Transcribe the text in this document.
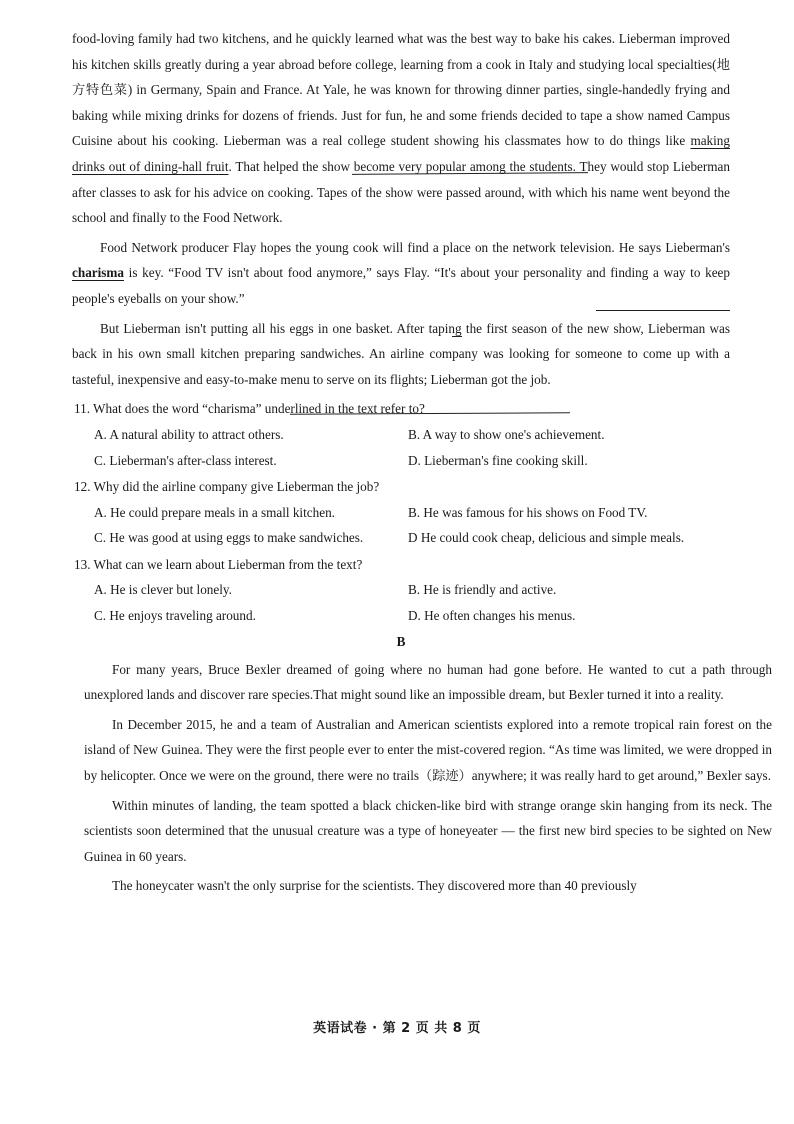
food-loving family had two kitchens, and he quickly learned what was the best way to bake his cakes. Lieberman improved his kitchen skills greatly during a year abroad before college, learning from a cook in Italy and studying local specialties(地方特色菜) in Germany, Spain and France. At Yale, he was known for throwing dinner parties, single-handedly frying and baking while mixing drinks for dozens of friends. Just for fun, he and some friends decided to tape a show named Campus Cuisine about his cooking. Lieberman was a real college student showing his classmates how to do things like making drinks out of dining-hall fruit. That helped the show become very popular among the students. They would stop Lieberman after classes to ask for his advice on cooking. Tapes of the show were passed around, with which his name went beyond the school and finally to the Food Network.

Food Network producer Flay hopes the young cook will find a place on the network television. He says Lieberman's charisma is key. “Food TV isn't about food anymore,” says Flay. “It's about your personality and finding a way to keep people's eyeballs on your show.”

But Lieberman isn't putting all his eggs in one basket. After taping the first season of the new show, Lieberman was back in his own small kitchen preparing sandwiches. An airline company was looking for someone to come up with a tasteful, inexpensive and easy-to-make menu to serve on its flights; Lieberman got the job.

11. What does the word “charisma” underlined in the text refer to?
A. A natural ability to attract others.	B. A way to show one's achievement.
C. Lieberman's after-class interest.	D. Lieberman's fine cooking skill.
12. Why did the airline company give Lieberman the job?
A. He could prepare meals in a small kitchen.	B. He was famous for his shows on Food TV.
C. He was good at using eggs to make sandwiches.	D He could cook cheap, delicious and simple meals.
13. What can we learn about Lieberman from the text?
A. He is clever but lonely.	B. He is friendly and active.
C. He enjoys traveling around.	D. He often changes his menus.
B

For many years, Bruce Bexler dreamed of going where no human had gone before. He wanted to cut a path through unexplored lands and discover rare species.That might sound like an impossible dream, but Bexler turned it into a reality.

In December 2015, he and a team of Australian and American scientists explored into a remote tropical rain forest on the island of New Guinea. They were the first people ever to enter the mist-covered region. “As time was limited, we were dropped in by helicopter. Once we were on the ground, there were no trails（踪迹）anywhere; it was really hard to get around,” Bexler says.

Within minutes of landing, the team spotted a black chicken-like bird with strange orange skin hanging from its neck. The scientists soon determined that the unusual creature was a type of honeyeater — the first new bird species to be sighted on New Guinea in 60 years.

The honeycater wasn't the only surprise for the scientists. They discovered more than 40 previously

英语试卷 · 第 2 页 共 8 页
